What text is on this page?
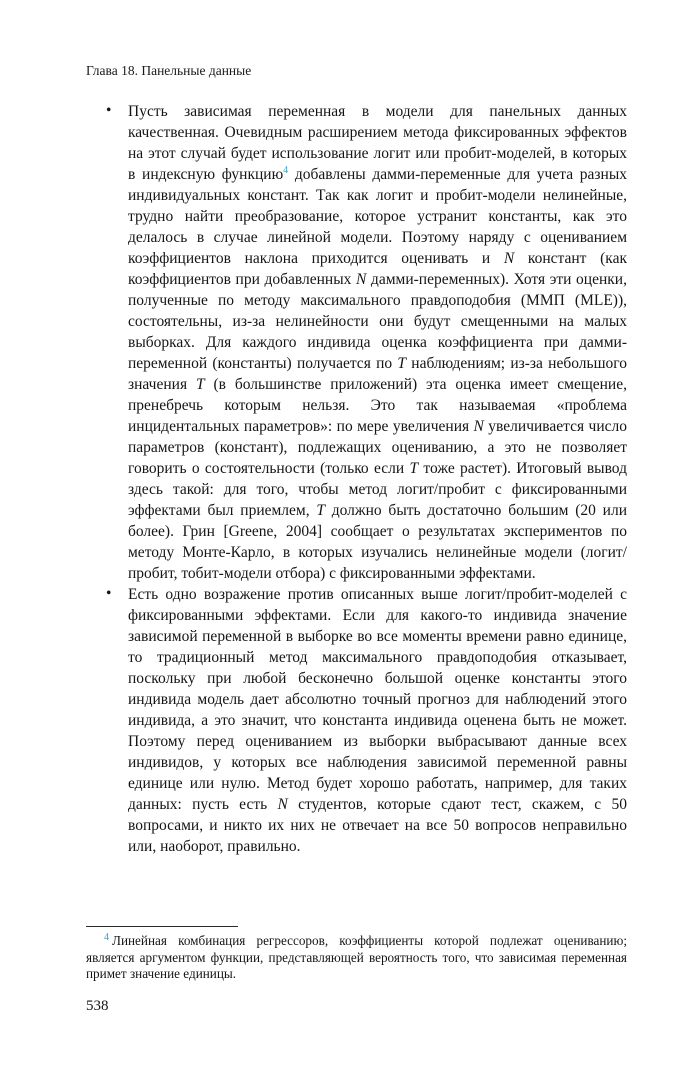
Глава 18. Панельные данные
• Пусть зависимая переменная в модели для панельных данных качественная. Очевидным расширением метода фиксированных эффектов на этот случай будет использование логит или пробит-моделей, в которых в индексную функцию$^4$ добавлены дамми-переменные для учета разных индивидуальных констант. Так как логит и пробит-модели нелинейные, трудно найти преобразование, которое устранит константы, как это делалось в случае линейной модели. Поэтому наряду с оцениванием коэффициентов наклона приходится оценивать и N констант (как коэффициентов при добавленных N дамми-переменных). Хотя эти оценки, полученные по методу максимального правдоподобия (ММП (MLE)), состоятельны, из-за нелинейности они будут смещенными на малых выборках. Для каждого индивида оценка коэффициента при дамми-переменной (константы) получается по T наблюдениям; из-за небольшого значения T (в большинстве приложений) эта оценка имеет смещение, пренебречь которым нельзя. Это так называемая «проблема инцидентальных параметров»: по мере увеличения N увеличивается число параметров (констант), подлежащих оцениванию, а это не позволяет говорить о состоятельности (только если T тоже растет). Итоговый вывод здесь такой: для того, чтобы метод логит/пробит с фиксированными эффектами был приемлем, T должно быть достаточно большим (20 или более). Грин [Greene, 2004] сообщает о результатах экспериментов по методу Монте-Карло, в которых изучались нелинейные модели (логит/пробит, тобит-модели отбора) с фиксированными эффектами.
• Есть одно возражение против описанных выше логит/пробит-моделей с фиксированными эффектами. Если для какого-то индивида значение зависимой переменной в выборке во все моменты времени равно единице, то традиционный метод максимального правдоподобия отказывает, поскольку при любой бесконечно большой оценке константы этого индивида модель дает абсолютно точный прогноз для наблюдений этого индивида, а это значит, что константа индивида оценена быть не может. Поэтому перед оцениванием из выборки выбрасывают данные всех индивидов, у которых все наблюдения зависимой переменной равны единице или нулю. Метод будет хорошо работать, например, для таких данных: пусть есть N студентов, которые сдают тест, скажем, с 50 вопросами, и никто их них не отвечает на все 50 вопросов неправильно или, наоборот, правильно.

$^4$ Линейная комбинация регрессоров, коэффициенты которой подлежат оцениванию; является аргументом функции, представляющей вероятность того, что зависимая переменная примет значение единицы.

538
